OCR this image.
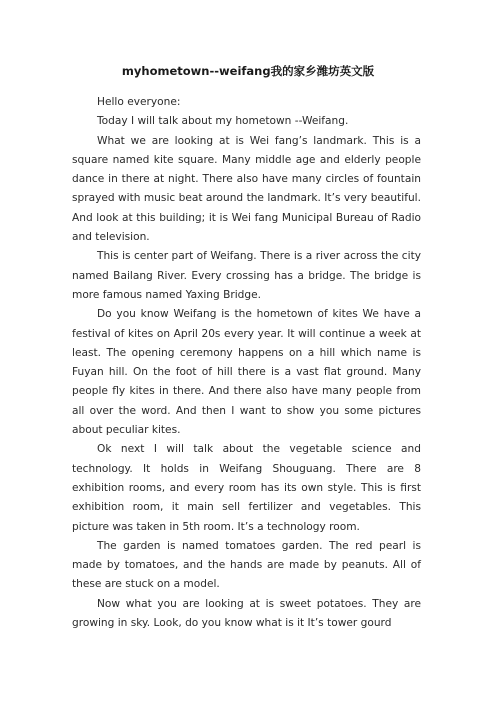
myhometown--weifang我的家乡潍坊英文版

Hello everyone:

Today I will talk about my hometown --Weifang.

What we are looking at is Wei fang’s landmark. This is a square named kite square. Many middle age and elderly people dance in there at night. There also have many circles of fountain sprayed with music beat around the landmark. It’s very beautiful. And look at this building; it is Wei fang Municipal Bureau of Radio and television.

This is center part of Weifang. There is a river across the city named Bailang River. Every crossing has a bridge. The bridge is more famous named Yaxing Bridge.

Do you know Weifang is the hometown of kites We have a festival of kites on April 20s every year. It will continue a week at least. The opening ceremony happens on a hill which name is Fuyan hill. On the foot of hill there is a vast flat ground. Many people fly kites in there. And there also have many people from all over the word. And then I want to show you some pictures about peculiar kites.

Ok next I will talk about the vegetable science and technology. It holds in Weifang Shouguang. There are 8 exhibition rooms, and every room has its own style. This is first exhibition room, it main sell fertilizer and vegetables. This picture was taken in 5th room. It’s a technology room.

The garden is named tomatoes garden. The red pearl is made by tomatoes, and the hands are made by peanuts. All of these are stuck on a model.

Now what you are looking at is sweet potatoes. They are growing in sky. Look, do you know what is it It’s tower gourd
